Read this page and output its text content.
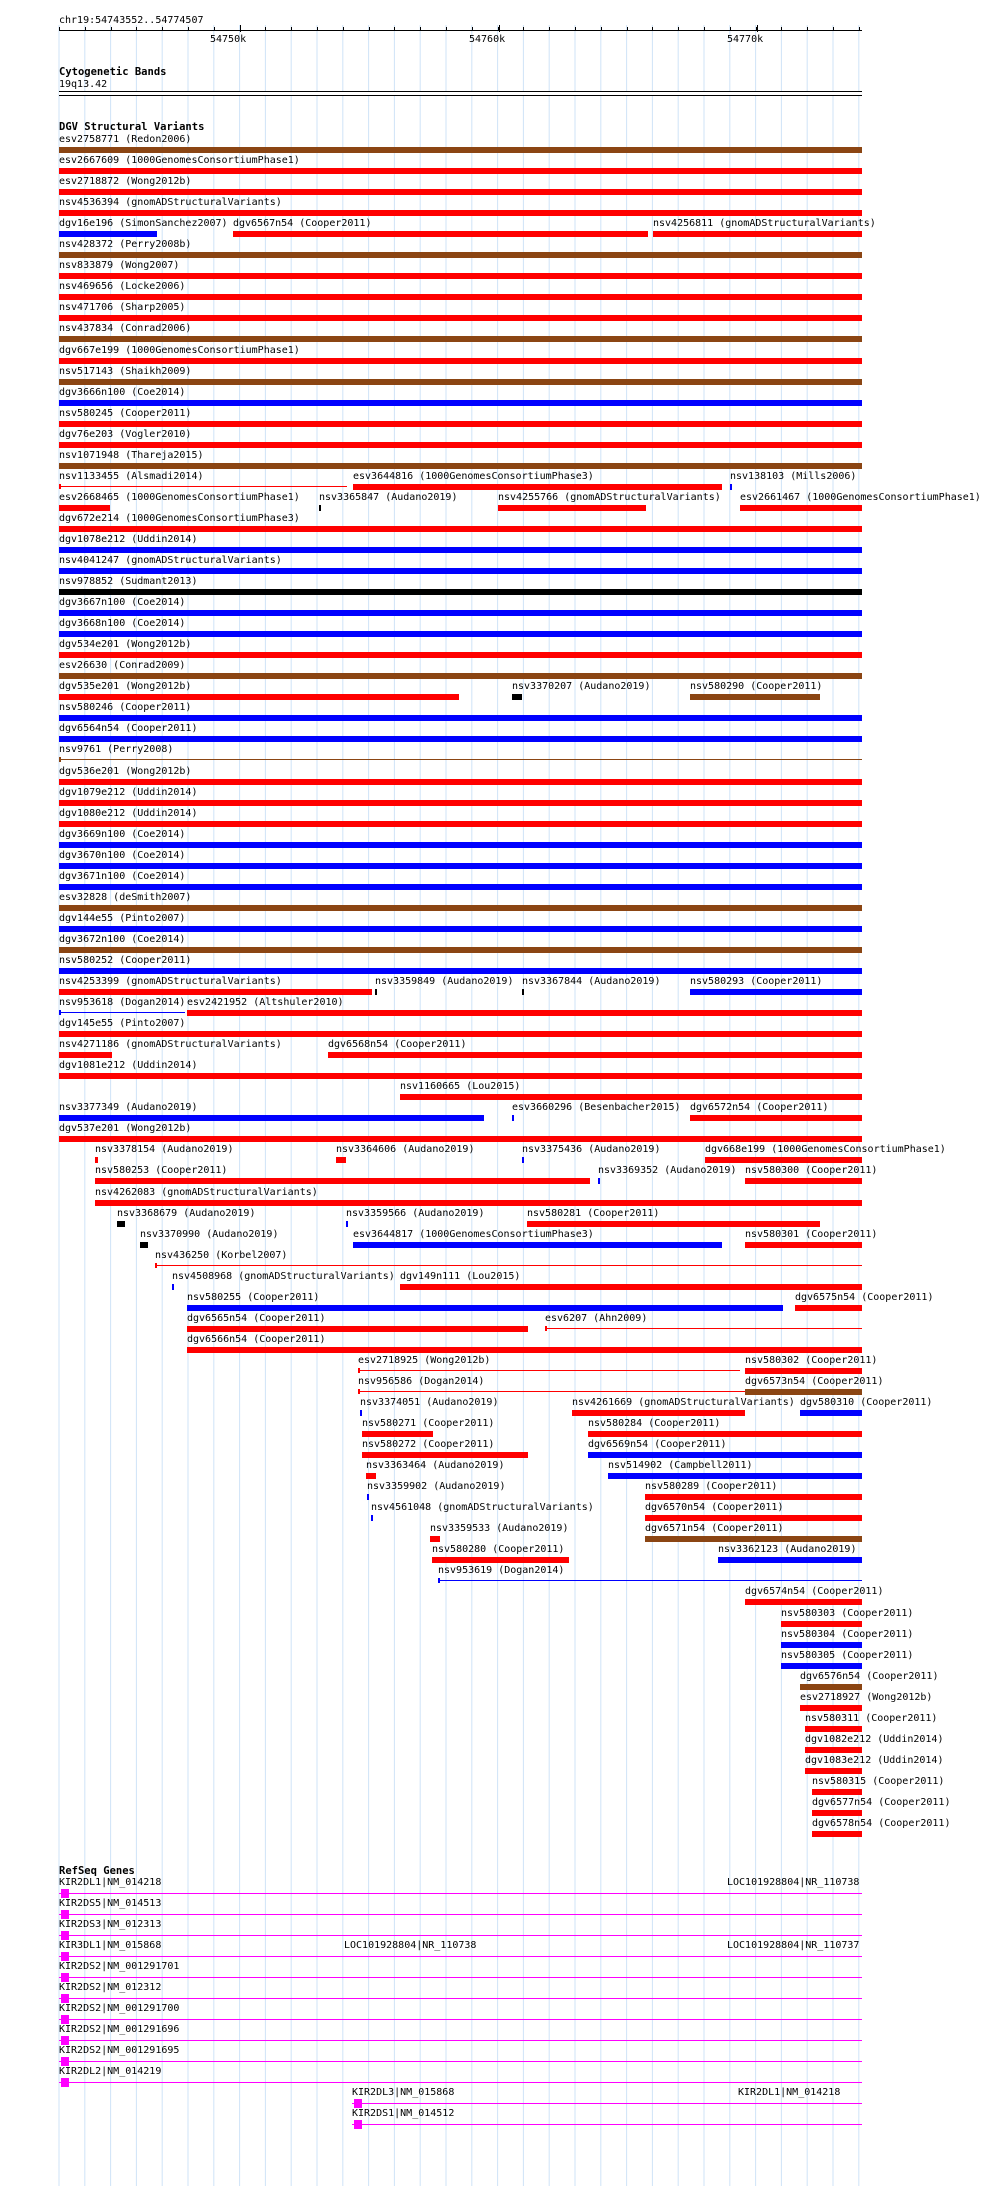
chr19:54743552..54774507
54750k	54760k	54770k
Cytogenetic Bands
19q13.42
DGV Structural Variants
esv2758771 (Redon2006)
esv2667609 (1000GenomesConsortiumPhase1)
esv2718872 (Wong2012b)
nsv4536394 (gnomADStructuralVariants)
dgv16e196 (SimonSanchez2007) dgv6567n54 (Cooper2011)	nsv4256811 (gnomADStructuralVariants)
nsv428372 (Perry2008b)
nsv833879 (Wong2007)
nsv469656 (Locke2006)
nsv471706 (Sharp2005)
nsv437834 (Conrad2006)
dgv667e199 (1000GenomesConsortiumPhase1)
nsv517143 (Shaikh2009)
dgv3666n100 (Coe2014)
nsv580245 (Cooper2011)
dgv76e203 (Vogler2010)
nsv1071948 (Thareja2015)
nsv1133455 (Alsmadi2014)	esv3644816 (1000GenomesConsortiumPhase3)	nsv138103 (Mills2006)
esv2668465 (1000GenomesConsortiumPhase1) nsv3365847 (Audano2019)	nsv4255766 (gnomADStructuralVariants) esv2661467 (1000GenomesConsortiumPhase1)
dgv672e214 (1000GenomesConsortiumPhase3)
dgv1078e212 (Uddin2014)
nsv4041247 (gnomADStructuralVariants)
nsv978852 (Sudmant2013)
dgv3667n100 (Coe2014)
dgv3668n100 (Coe2014)
dgv534e201 (Wong2012b)
esv26630 (Conrad2009)
dgv535e201 (Wong2012b)	nsv3370207 (Audano2019)	nsv580290 (Cooper2011)
nsv580246 (Cooper2011)
dgv6564n54 (Cooper2011)
nsv9761 (Perry2008)
dgv536e201 (Wong2012b)
dgv1079e212 (Uddin2014)
dgv1080e212 (Uddin2014)
dgv3669n100 (Coe2014)
dgv3670n100 (Coe2014)
dgv3671n100 (Coe2014)
esv32828 (deSmith2007)
dgv144e55 (Pinto2007)
dgv3672n100 (Coe2014)
nsv580252 (Cooper2011)
nsv4253399 (gnomADStructuralVariants)	nsv3359849 (Audano2019) nsv3367844 (Audano2019)	nsv580293 (Cooper2011)
nsv953618 (Dogan2014) esv2421952 (Altshuler2010)
dgv145e55 (Pinto2007)
nsv4271186 (gnomADStructuralVariants)	dgv6568n54 (Cooper2011)
dgv1081e212 (Uddin2014)
nsv1160665 (Lou2015)
nsv3377349 (Audano2019)	esv3660296 (Besenbacher2015) dgv6572n54 (Cooper2011)
dgv537e201 (Wong2012b)
nsv3378154 (Audano2019)	nsv3364606 (Audano2019)	nsv3375436 (Audano2019)	dgv668e199 (1000GenomesConsortiumPhase1)
nsv580253 (Cooper2011)	nsv3369352 (Audano2019) nsv580300 (Cooper2011)
nsv4262083 (gnomADStructuralVariants)
nsv3368679 (Audano2019)	nsv3359566 (Audano2019)	nsv580281 (Cooper2011)
nsv3370990 (Audano2019)	esv3644817 (1000GenomesConsortiumPhase3)	nsv580301 (Cooper2011)
nsv436250 (Korbel2007)
nsv4508968 (gnomADStructuralVariants) dgv149n111 (Lou2015)
nsv580255 (Cooper2011)	dgv6575n54 (Cooper2011)
dgv6565n54 (Cooper2011)	esv6207 (Ahn2009)
dgv6566n54 (Cooper2011)
esv2718925 (Wong2012b)	nsv580302 (Cooper2011)
nsv956586 (Dogan2014)	dgv6573n54 (Cooper2011)
nsv3374051 (Audano2019)	nsv4261669 (gnomADStructuralVariants) dgv580310 (Cooper2011)
nsv580271 (Cooper2011)	nsv580284 (Cooper2011)
nsv580272 (Cooper2011)	dgv6569n54 (Cooper2011)
nsv3363464 (Audano2019)	nsv514902 (Campbell2011)
nsv3359902 (Audano2019)	nsv580289 (Cooper2011)
nsv4561048 (gnomADStructuralVariants)	dgv6570n54 (Cooper2011)
nsv3359533 (Audano2019)	dgv6571n54 (Cooper2011)
nsv580280 (Cooper2011)	nsv3362123 (Audano2019)
nsv953619 (Dogan2014)
dgv6574n54 (Cooper2011)
nsv580303 (Cooper2011)
nsv580304 (Cooper2011)
nsv580305 (Cooper2011)
dgv6576n54 (Cooper2011)
esv2718927 (Wong2012b)
nsv580311 (Cooper2011)
dgv1082e212 (Uddin2014)
dgv1083e212 (Uddin2014)
nsv580315 (Cooper2011)
dgv6577n54 (Cooper2011)
dgv6578n54 (Cooper2011)
RefSeq Genes
KIR2DL1|NM_014218	LOC101928804|NR_110738
KIR2DS5|NM_014513
KIR2DS3|NM_012313
KIR3DL1|NM_015868	LOC101928804|NR_110738	LOC101928804|NR_110737
KIR2DS2|NM_001291701
KIR2DS2|NM_012312
KIR2DS2|NM_001291700
KIR2DS2|NM_001291696
KIR2DS2|NM_001291695
KIR2DL2|NM_014219
KIR2DL3|NM_015868	KIR2DL1|NM_014218
KIR2DS1|NM_014512
